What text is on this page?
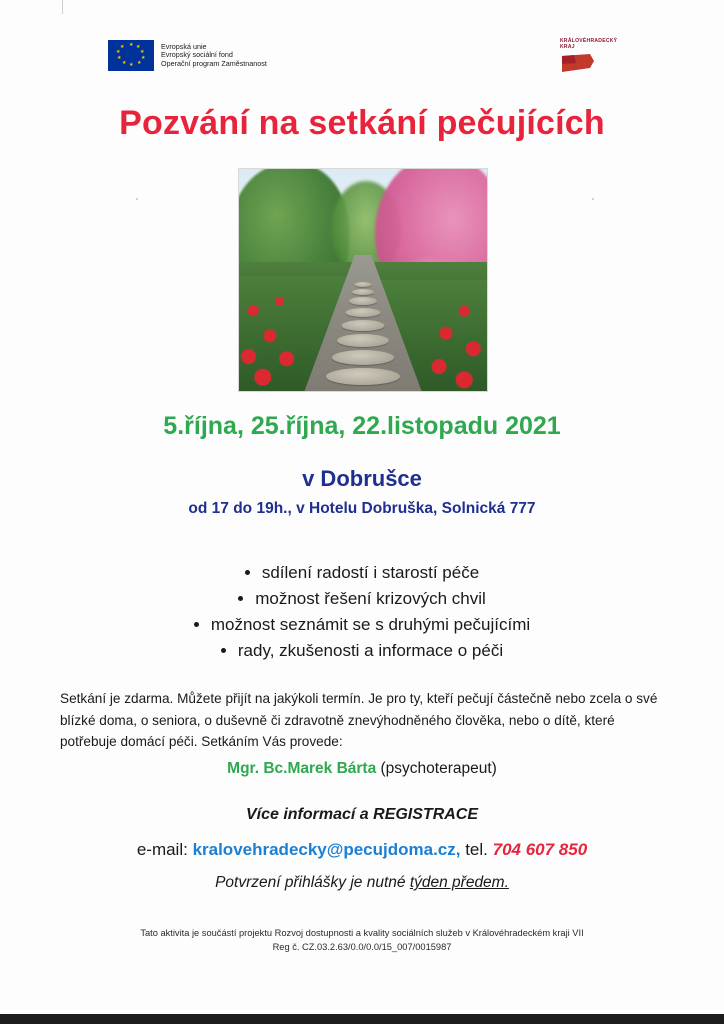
★ ★
★
★
★
★
★
★
★
★	Evropská unie
Evropský sociální fond
Operační program Zaměstnanost
KRÁLOVÉHRADECKÝ
KRAJ
Pozvání na setkání pečujících
5.října, 25.října, 22.listopadu 2021
v Dobrušce
od 17 do 19h., v Hotelu Dobruška, Solnická 777
sdílení radostí i starostí péče
možnost řešení krizových chvil
možnost seznámit se s druhými pečujícími
rady, zkušenosti a informace o péči
Setkání je zdarma. Můžete přijít na jakýkoli termín. Je pro ty, kteří pečují částečně nebo zcela o své blízké doma, o seniora, o duševně či zdravotně znevýhodněného člověka, nebo o dítě, které potřebuje domácí péči. Setkáním Vás provede:
Mgr. Bc.Marek Bárta (psychoterapeut)
Více informací a REGISTRACE
e-mail: kralovehradecky@pecujdoma.cz, tel. 704 607 850
Potvrzení přihlášky je nutné týden předem.
Tato aktivita je součástí projektu Rozvoj dostupnosti a kvality sociálních služeb v Královéhradeckém kraji VII
Reg č. CZ.03.2.63/0.0/0.0/15_007/0015987
